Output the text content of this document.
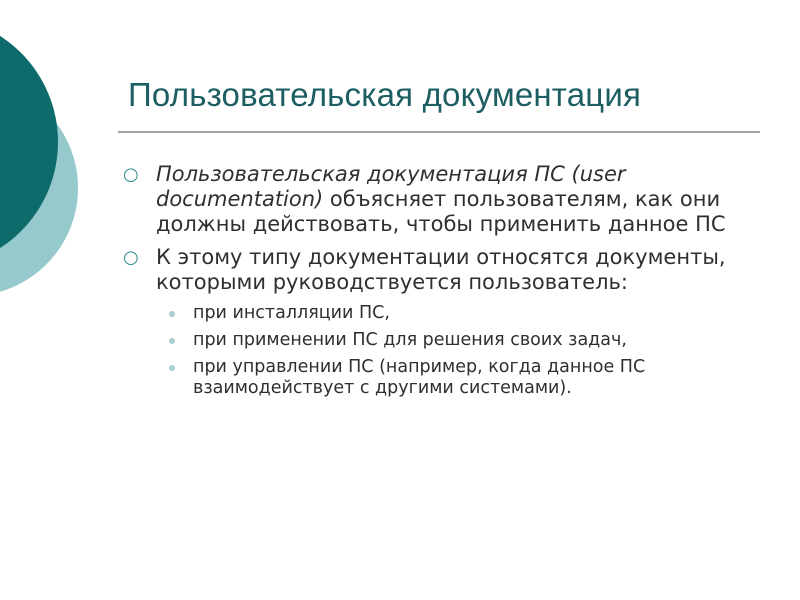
Пользовательская документация
○ Пользовательская документация ПС (user documentation) объясняет пользователям, как они должны действовать, чтобы применить данное ПС
○ К этому типу документации относятся документы, которыми руководствуется пользователь:
при инсталляции ПС,
при применении ПС для решения своих задач,
при управлении ПС (например, когда данное ПС взаимодействует с другими системами).
